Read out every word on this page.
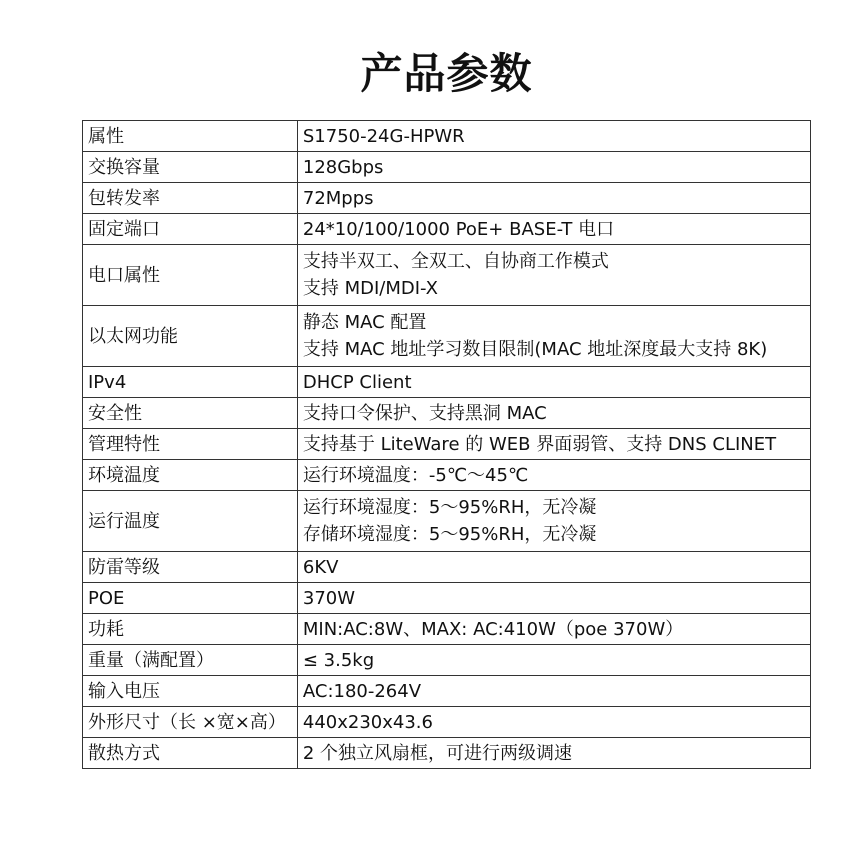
产品参数
属性	S1750-24G-HPWR

交换容量	128Gbps

包转发率	72Mpps

固定端口	24*10/100/1000 PoE+ BASE-T 电口

电口属性	支持半双工、全双工、自协商工作模式
支持 MDI/MDI-X

以太网功能	静态 MAC 配置
支持 MAC 地址学习数目限制(MAC 地址深度最大支持 8K)

IPv4	DHCP Client

安全性	支持口令保护、支持黑洞 MAC

管理特性	支持基于 LiteWare 的 WEB 界面弱管、支持 DNS CLINET

环境温度	运行环境温度：-5℃～45℃

运行温度	运行环境湿度：5～95%RH，无冷凝
存储环境湿度：5～95%RH，无冷凝

防雷等级	6KV

POE	370W

功耗	MIN:AC:8W、MAX: AC:410W（poe 370W）

重量（满配置）	≤ 3.5kg

输入电压	AC:180-264V

外形尺寸（长 ×宽×高）	440x230x43.6

散热方式	2 个独立风扇框，可进行两级调速
